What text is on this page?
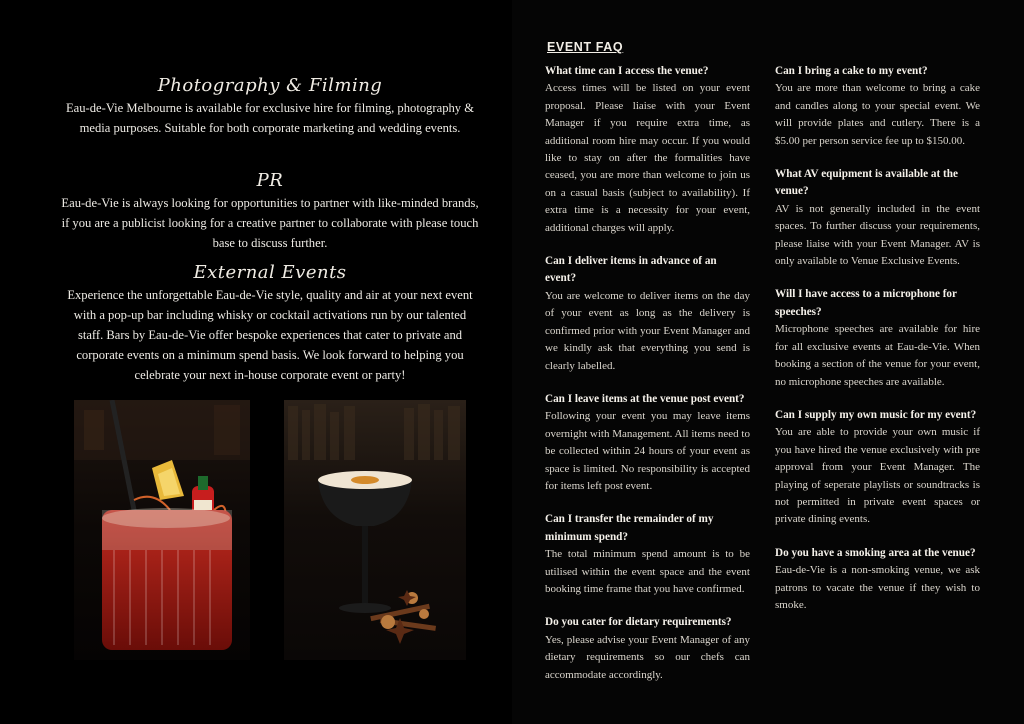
Photography & Filming

Eau-de-Vie Melbourne is available for exclusive hire for filming, photography & media purposes. Suitable for both corporate marketing and wedding events.

PR

Eau-de-Vie is always looking for opportunities to partner with like-minded brands, if you are a publicist looking for a creative partner to collaborate with please touch base to discuss further.

External Events

Experience the unforgettable Eau-de-Vie style, quality and air at your next event with a pop-up bar including whisky or cocktail activations run by our talented staff. Bars by Eau-de-Vie offer bespoke experiences that cater to private and corporate events on a minimum spend basis. We look forward to helping you celebrate your next in-house corporate event or party!

EVENT FAQ
What time can I access the venue?
Access times will be listed on your event proposal. Please liaise with your Event Manager if you require extra time, as additional room hire may occur. If you would like to stay on after the formalities have ceased, you are more than welcome to join us on a casual basis (subject to availability). If extra time is a necessity for your event, additional charges will apply.
Can I deliver items in advance of an event?
You are welcome to deliver items on the day of your event as long as the delivery is confirmed prior with your Event Manager and we kindly ask that everything you send is clearly labelled.
Can I leave items at the venue post event?
Following your event you may leave items overnight with Management. All items need to be collected within 24 hours of your event as space is limited. No responsibility is accepted for items left post event.
Can I transfer the remainder of my minimum spend?
The total minimum spend amount is to be utilised within the event space and the event booking time frame that you have confirmed.
Do you cater for dietary requirements?
Yes, please advise your Event Manager of any dietary requirements so our chefs can accommodate accordingly.
Can I bring a cake to my event?
You are more than welcome to bring a cake and candles along to your special event. We will provide plates and cutlery. There is a $5.00 per person service fee up to $150.00.
What AV equipment is available at the venue?
AV is not generally included in the event spaces. To further discuss your requirements, please liaise with your Event Manager. AV is only available to Venue Exclusive Events.
Will I have access to a microphone for speeches?
Microphone speeches are available for hire for all exclusive events at Eau-de-Vie. When booking a section of the venue for your event, no microphone speeches are available.
Can I supply my own music for my event?
You are able to provide your own music if you have hired the venue exclusively with pre approval from your Event Manager. The playing of seperate playlists or soundtracks is not permitted in private event spaces or private dining events.
Do you have a smoking area at the venue?
Eau-de-Vie is a non-smoking venue, we ask patrons to vacate the venue if they wish to smoke.
